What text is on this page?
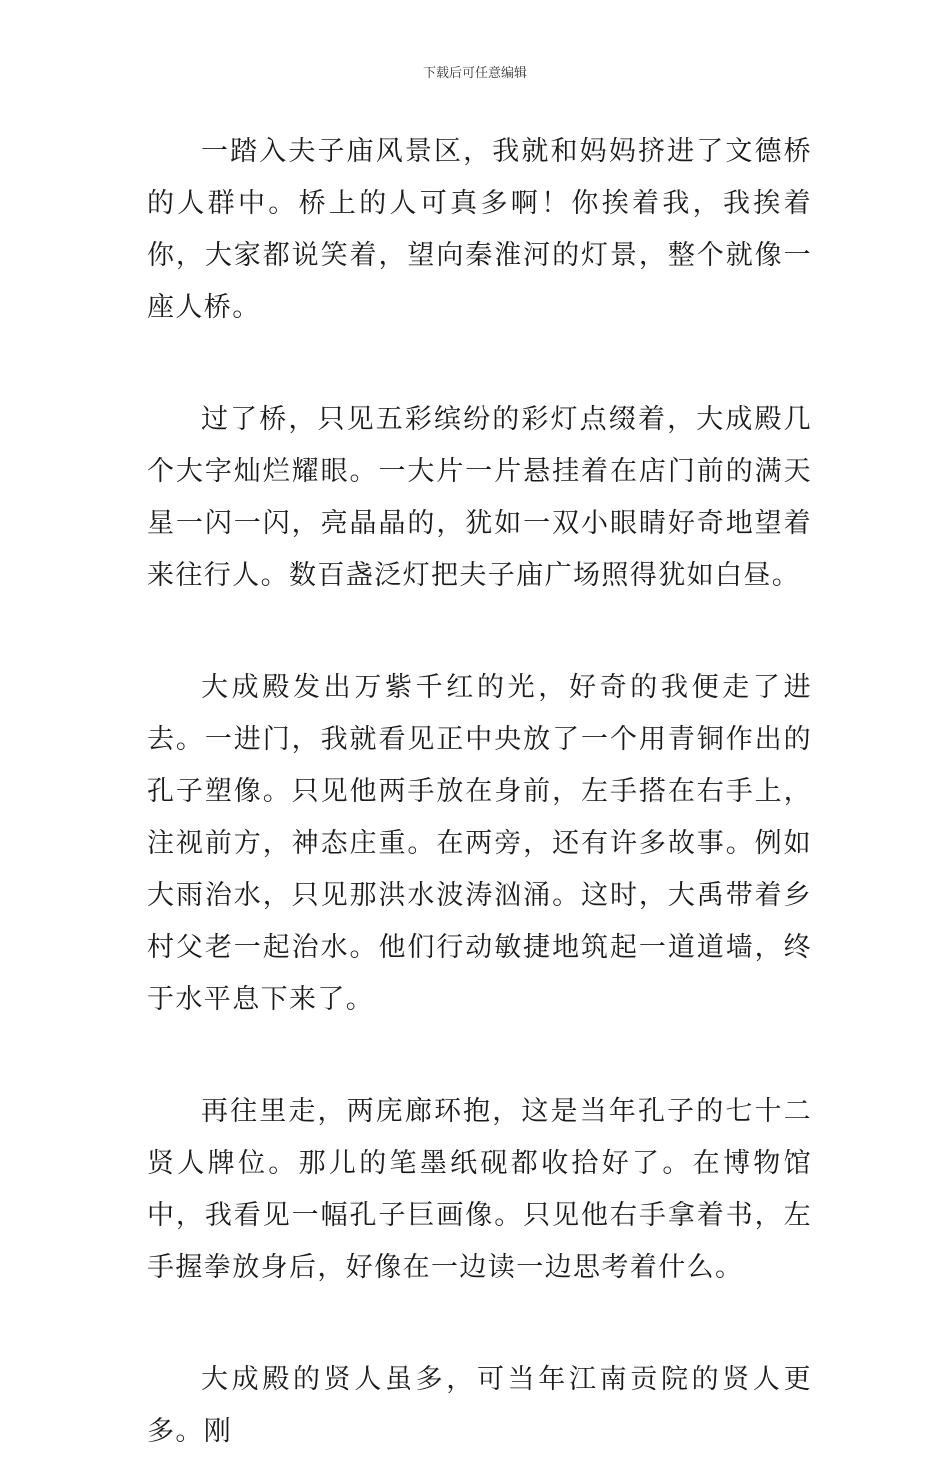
下载后可任意编辑

一踏入夫子庙风景区，我就和妈妈挤进了文德桥的人群中。桥上的人可真多啊！你挨着我，我挨着你，大家都说笑着，望向秦淮河的灯景，整个就像一座人桥。

过了桥，只见五彩缤纷的彩灯点缀着，大成殿几个大字灿烂耀眼。一大片一片悬挂着在店门前的满天星一闪一闪，亮晶晶的，犹如一双小眼睛好奇地望着来往行人。数百盏泛灯把夫子庙广场照得犹如白昼。

大成殿发出万紫千红的光，好奇的我便走了进去。一进门，我就看见正中央放了一个用青铜作出的孔子塑像。只见他两手放在身前，左手搭在右手上，注视前方，神态庄重。在两旁，还有许多故事。例如大雨治水，只见那洪水波涛汹涌。这时，大禹带着乡村父老一起治水。他们行动敏捷地筑起一道道墙，终于水平息下来了。

再往里走，两庑廊环抱，这是当年孔子的七十二贤人牌位。那儿的笔墨纸砚都收拾好了。在博物馆中，我看见一幅孔子巨画像。只见他右手拿着书，左手握拳放身后，好像在一边读一边思考着什么。

大成殿的贤人虽多，可当年江南贡院的贤人更多。刚
